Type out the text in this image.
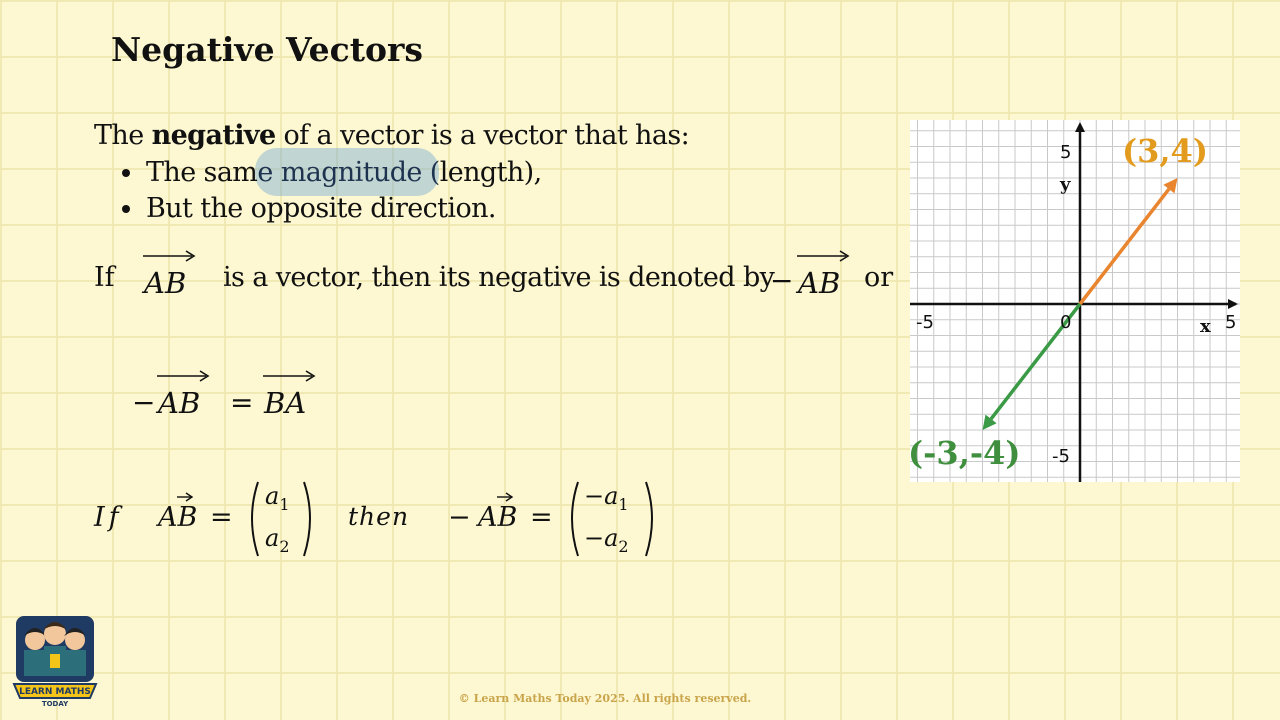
Negative Vectors
The negative of a vector is a vector that has:
The same magnitude (length),
But the opposite direction.
If AB is a vector, then its negative is denoted by
− AB or
− AB = BA
If AB =
$a_1$
$a_2$
then − AB =
$-a_1$
$-a_2$
y
x
-5	5
5
-5
0
(3,4)
(-3,-4)
LEARN MATHS
TODAY	© Learn Maths Today 2025. All rights reserved.
